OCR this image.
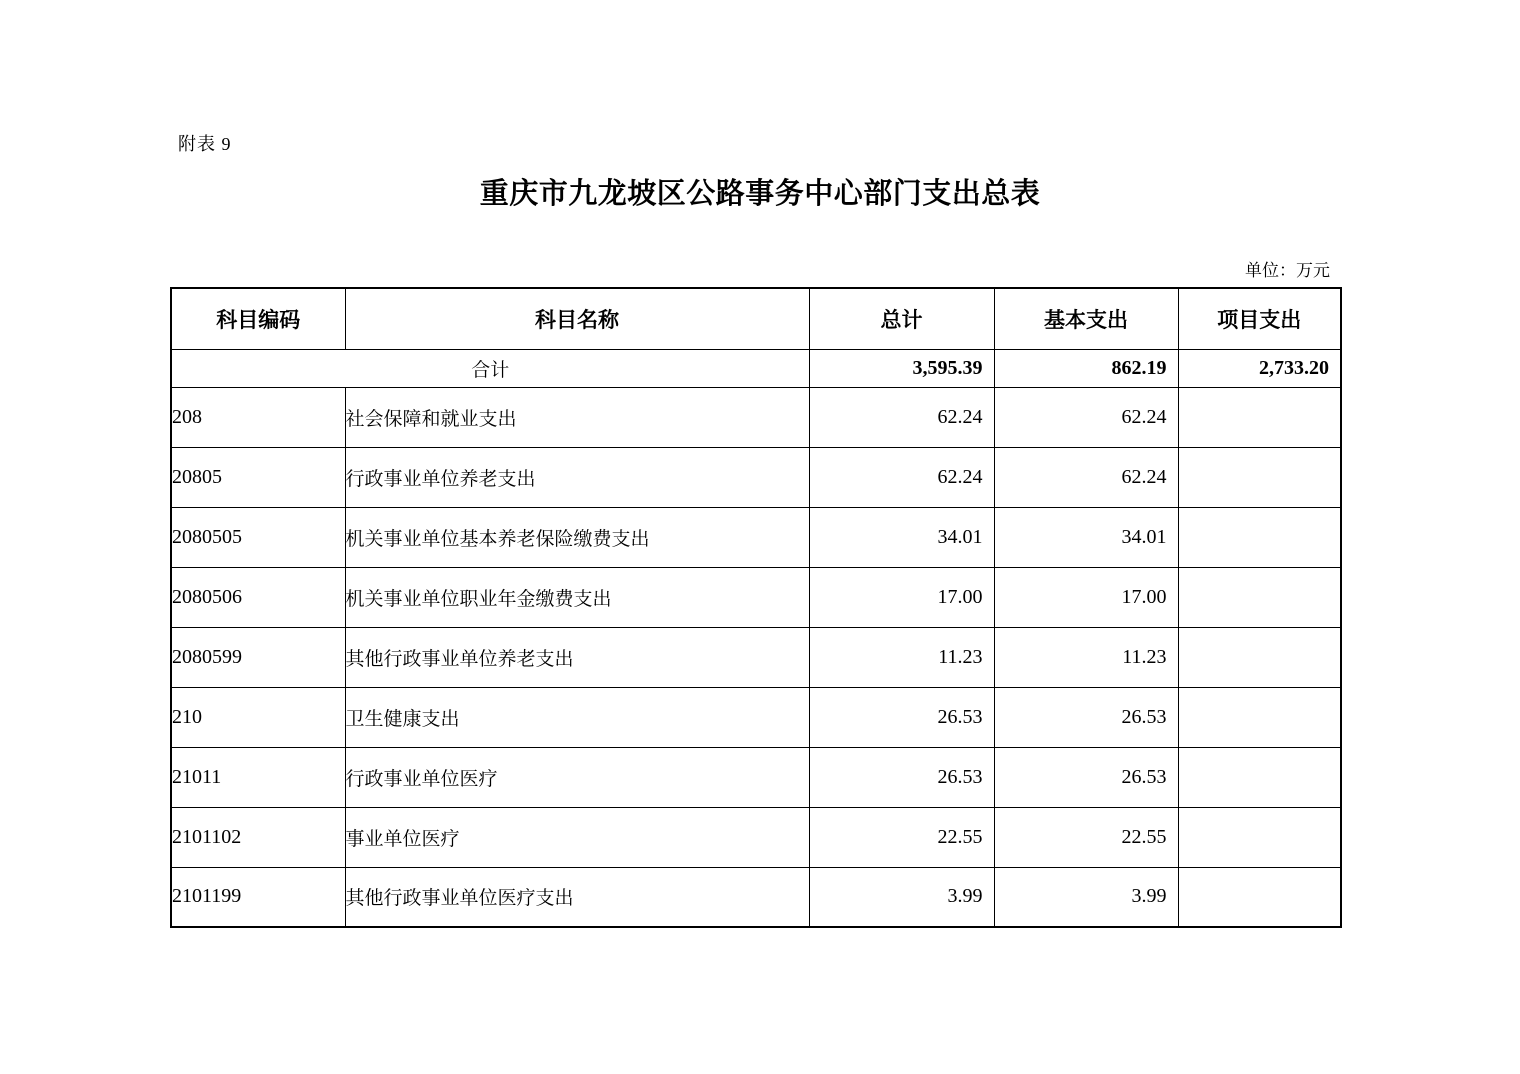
附表 9
重庆市九龙坡区公路事务中心部门支出总表
单位：万元
科目编码	科目名称	总计	基本支出	项目支出
合计		3,595.39	862.19	2,733.20
208	社会保障和就业支出	62.24	62.24	
20805	行政事业单位养老支出	62.24	62.24	
2080505	机关事业单位基本养老保险缴费支出	34.01	34.01	
2080506	机关事业单位职业年金缴费支出	17.00	17.00	
2080599	其他行政事业单位养老支出	11.23	11.23	
210	卫生健康支出	26.53	26.53	
21011	行政事业单位医疗	26.53	26.53	
2101102	事业单位医疗	22.55	22.55	
2101199	其他行政事业单位医疗支出	3.99	3.99	
